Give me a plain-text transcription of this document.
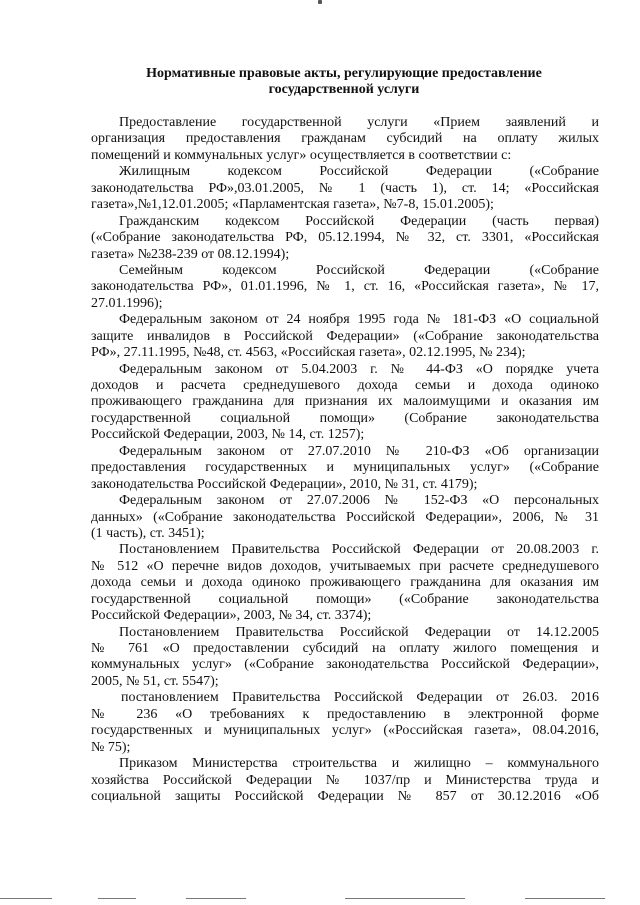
Нормативные правовые акты, регулирующие предоставление
государственной услуги
Предоставление государственной услуги «Прием заявлений и
организация предоставления гражданам субсидий на оплату жилых
помещений и коммунальных услуг» осуществляется в соответствии с:
Жилищным кодексом Российской Федерации («Собрание
законодательства РФ»,03.01.2005, № 1 (часть 1), ст. 14; «Российская
газета»,№1,12.01.2005; «Парламентская газета», №7-8, 15.01.2005);
Гражданским кодексом Российской Федерации (часть первая)
(«Собрание законодательства РФ, 05.12.1994, № 32, ст. 3301, «Российская
газета» №238-239 от 08.12.1994);
Семейным кодексом Российской Федерации («Собрание
законодательства РФ», 01.01.1996, № 1, ст. 16, «Российская газета», № 17,
27.01.1996);
Федеральным законом от 24 ноября 1995 года № 181-ФЗ «О социальной
защите инвалидов в Российской Федерации» («Собрание законодательства
РФ», 27.11.1995, №48, ст. 4563, «Российская газета», 02.12.1995, № 234);
Федеральным законом от 5.04.2003 г. № 44-ФЗ «О порядке учета
доходов и расчета среднедушевого дохода семьи и дохода одиноко
проживающего гражданина для признания их малоимущими и оказания им
государственной социальной помощи» (Собрание законодательства
Российской Федерации, 2003, № 14, ст. 1257);
Федеральным законом от 27.07.2010 № 210-ФЗ «Об организации
предоставления государственных и муниципальных услуг» («Собрание
законодательства Российской Федерации», 2010, № 31, ст. 4179);
Федеральным законом от 27.07.2006 № 152-ФЗ «О персональных
данных» («Собрание законодательства Российской Федерации», 2006, № 31
(1 часть), ст. 3451);
Постановлением Правительства Российской Федерации от 20.08.2003 г.
№ 512 «О перечне видов доходов, учитываемых при расчете среднедушевого
дохода семьи и дохода одиноко проживающего гражданина для оказания им
государственной социальной помощи» («Собрание законодательства
Российской Федерации», 2003, № 34, ст. 3374);
Постановлением Правительства Российской Федерации от 14.12.2005
№ 761 «О предоставлении субсидий на оплату жилого помещения и
коммунальных услуг» («Собрание законодательства Российской Федерации»,
2005, № 51, ст. 5547);
постановлением Правительства Российской Федерации от 26.03. 2016
№ 236 «О требованиях к предоставлению в электронной форме
государственных и муниципальных услуг» («Российская газета», 08.04.2016,
№ 75);
Приказом Министерства строительства и жилищно – коммунального
хозяйства Российской Федерации № 1037/пр и Министерства труда и
социальной защиты Российской Федерации № 857 от 30.12.2016 «Об
